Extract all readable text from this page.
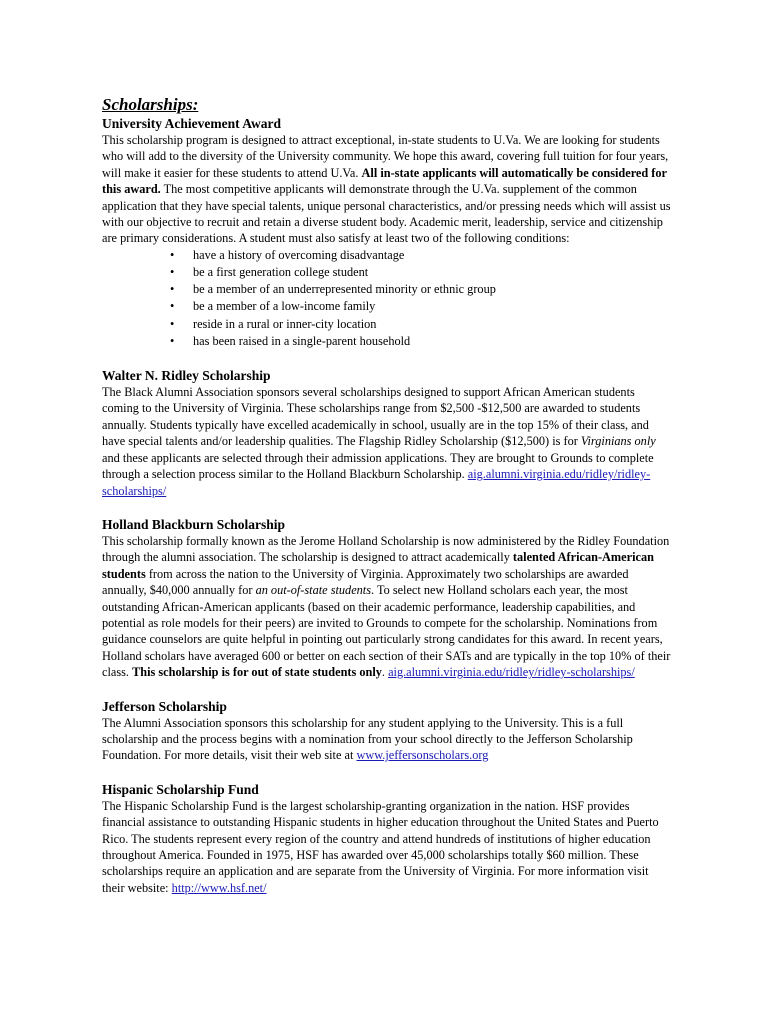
Scholarships:
University Achievement Award

This scholarship program is designed to attract exceptional, in-state students to U.Va. We are looking for students who will add to the diversity of the University community. We hope this award, covering full tuition for four years, will make it easier for these students to attend U.Va. All in-state applicants will automatically be considered for this award. The most competitive applicants will demonstrate through the U.Va. supplement of the common application that they have special talents, unique personal characteristics, and/or pressing needs which will assist us with our objective to recruit and retain a diverse student body. Academic merit, leadership, service and citizenship are primary considerations. A student must also satisfy at least two of the following conditions:

• have a history of overcoming disadvantage
• be a first generation college student
• be a member of an underrepresented minority or ethnic group
• be a member of a low-income family
• reside in a rural or inner-city location
• has been raised in a single-parent household
Walter N. Ridley Scholarship

The Black Alumni Association sponsors several scholarships designed to support African American students coming to the University of Virginia. These scholarships range from $2,500 -$12,500 are awarded to students annually. Students typically have excelled academically in school, usually are in the top 15% of their class, and have special talents and/or leadership qualities. The Flagship Ridley Scholarship ($12,500) is for Virginians only and these applicants are selected through their admission applications. They are brought to Grounds to complete through a selection process similar to the Holland Blackburn Scholarship. aig.alumni.virginia.edu/ridley/ridley-scholarships/

Holland Blackburn Scholarship

This scholarship formally known as the Jerome Holland Scholarship is now administered by the Ridley Foundation through the alumni association. The scholarship is designed to attract academically talented African-American students from across the nation to the University of Virginia. Approximately two scholarships are awarded annually, $40,000 annually for an out-of-state students. To select new Holland scholars each year, the most outstanding African-American applicants (based on their academic performance, leadership capabilities, and potential as role models for their peers) are invited to Grounds to compete for the scholarship. Nominations from guidance counselors are quite helpful in pointing out particularly strong candidates for this award. In recent years, Holland scholars have averaged 600 or better on each section of their SATs and are typically in the top 10% of their class. This scholarship is for out of state students only. aig.alumni.virginia.edu/ridley/ridley-scholarships/

Jefferson Scholarship

The Alumni Association sponsors this scholarship for any student applying to the University. This is a full scholarship and the process begins with a nomination from your school directly to the Jefferson Scholarship Foundation. For more details, visit their web site at www.jeffersonscholars.org

Hispanic Scholarship Fund

The Hispanic Scholarship Fund is the largest scholarship-granting organization in the nation. HSF provides financial assistance to outstanding Hispanic students in higher education throughout the United States and Puerto Rico. The students represent every region of the country and attend hundreds of institutions of higher education throughout America. Founded in 1975, HSF has awarded over 45,000 scholarships totally $60 million. These scholarships require an application and are separate from the University of Virginia. For more information visit their website: http://www.hsf.net/
